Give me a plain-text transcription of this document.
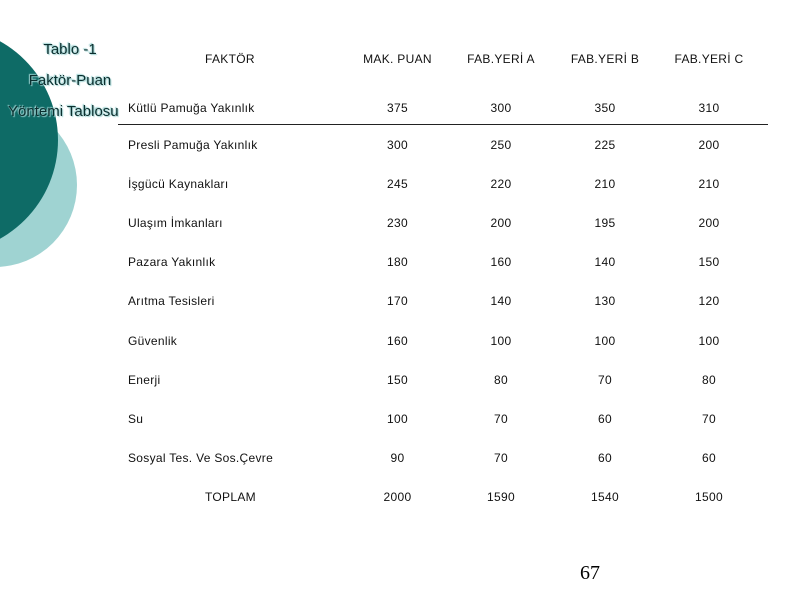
Tablo -1
Faktör-Puan
Yöntemi Tablosu
FAKTÖR	MAK. PUAN	FAB.YERİ A	FAB.YERİ B	FAB.YERİ C
Kütlü Pamuğa Yakınlık	375	300	350	310
Presli Pamuğa Yakınlık	300	250	225	200
İşgücü Kaynakları	245	220	210	210
Ulaşım İmkanları	230	200	195	200
Pazara Yakınlık	180	160	140	150
Arıtma Tesisleri	170	140	130	120
Güvenlik	160	100	100	100
Enerji	150	80	70	80
Su	100	70	60	70
Sosyal Tes. Ve Sos.Çevre	90	70	60	60
TOPLAM	2000	1590	1540	1500
67
